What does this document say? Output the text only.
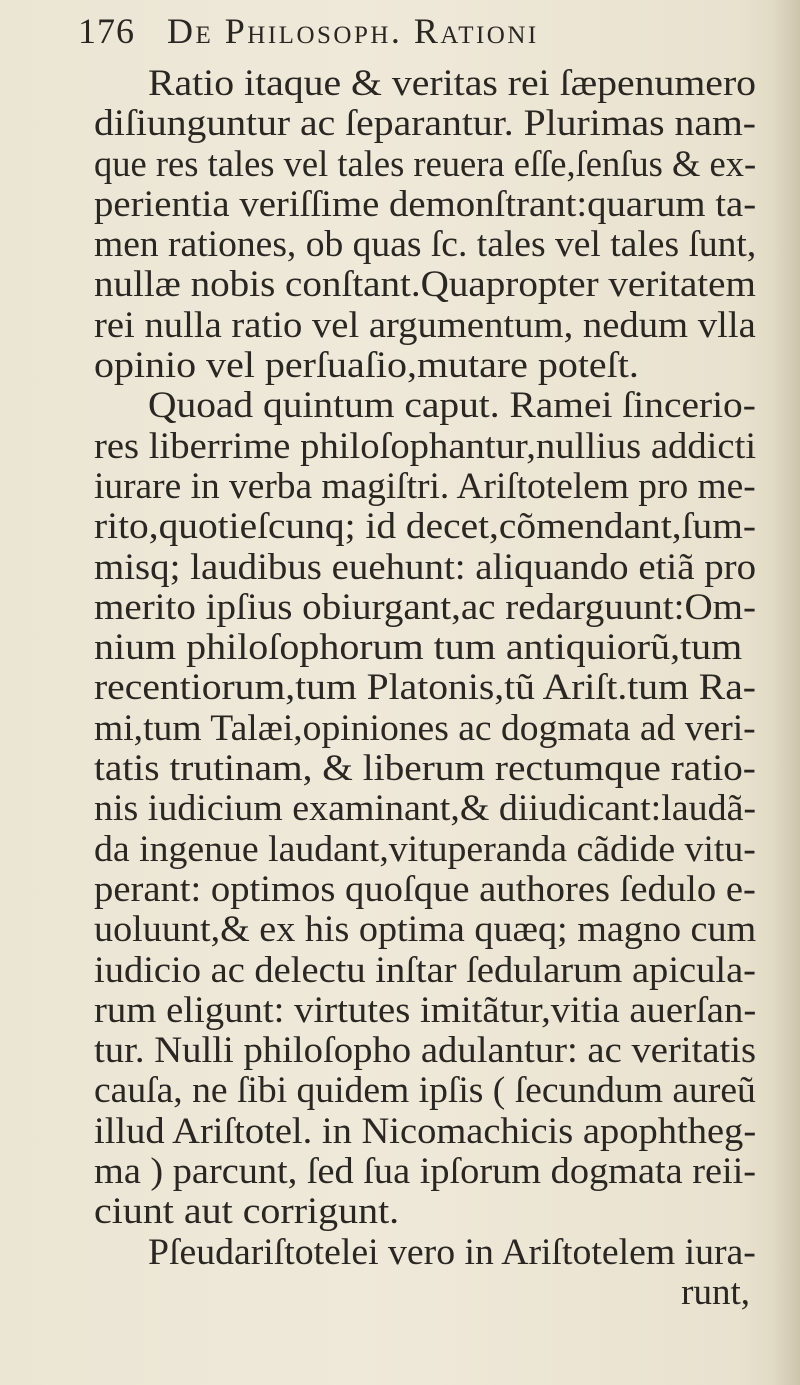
176 De Philosoph. Rationi
Ratio itaque & veritas rei ſæpenumero
diſiunguntur ac ſeparantur. Plurimas nam-
que res tales vel tales reuera eſſe,ſenſus & ex-
perientia veriſſime demonſtrant:quarum ta-
men rationes, ob quas ſc. tales vel tales ſunt,
nullæ nobis conſtant.Quapropter veritatem
rei nulla ratio vel argumentum, nedum vlla
opinio vel perſuaſio,mutare poteſt.
Quoad quintum caput. Ramei ſincerio-
res liberrime philoſophantur,nullius addicti
iurare in verba magiſtri. Ariſtotelem pro me-
rito,quotieſcunq; id decet,cõmendant,ſum-
misq; laudibus euehunt: aliquando etiã pro
merito ipſius obiurgant,ac redarguunt:Om-
nium philoſophorum tum antiquiorũ,tum
recentiorum,tum Platonis,tũ Ariſt.tum Ra-
mi,tum Talæi,opiniones ac dogmata ad veri-
tatis trutinam, & liberum rectumque ratio-
nis iudicium examinant,& diiudicant:laudã-
da ingenue laudant,vituperanda cãdide vitu-
perant: optimos quoſque authores ſedulo e-
uoluunt,& ex his optima quæq; magno cum
iudicio ac delectu inſtar ſedularum apicula-
rum eligunt: virtutes imitãtur,vitia auerſan-
tur. Nulli philoſopho adulantur: ac veritatis
cauſa, ne ſibi quidem ipſis ( ſecundum aureũ
illud Ariſtotel. in Nicomachicis apophtheg-
ma ) parcunt, ſed ſua ipſorum dogmata reii-
ciunt aut corrigunt.
Pſeudariſtotelei vero in Ariſtotelem iura-
runt,
